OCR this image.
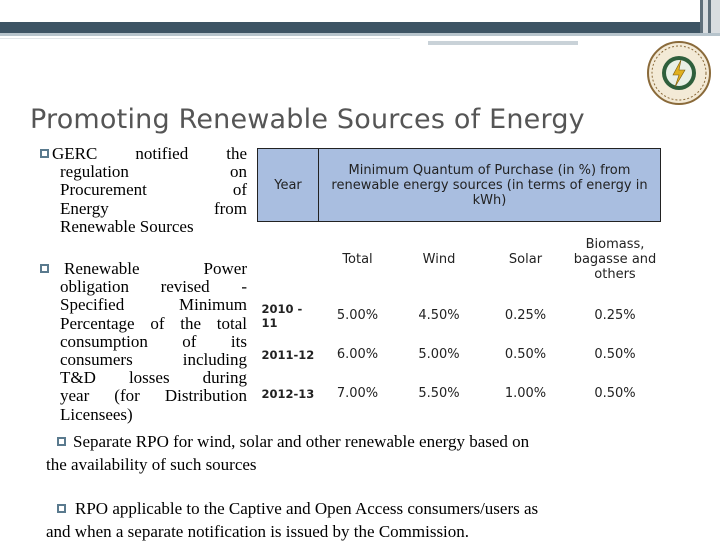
Promoting Renewable Sources of Energy
GERC notified the
regulation on
Procurement of
Energy from
Renewable Sources
Renewable Power
obligation revised -
Specified Minimum
Percentage of the total
consumption of its
consumers including
T&D losses during
year (for Distribution
Licensees)
Separate RPO for wind, solar and other renewable energy based on
the availability of such sources
RPO applicable to the Captive and Open Access consumers/users as
and when a separate notification is issued by the Commission.
Year	Minimum Quantum of Purchase (in %) from renewable energy sources (in terms of energy in kWh)			
	Total	Wind	Solar	Biomass, bagasse and others
2010 - 11	5.00%	4.50%	0.25%	0.25%
2011-12	6.00%	5.00%	0.50%	0.50%
2012-13	7.00%	5.50%	1.00%	0.50%
